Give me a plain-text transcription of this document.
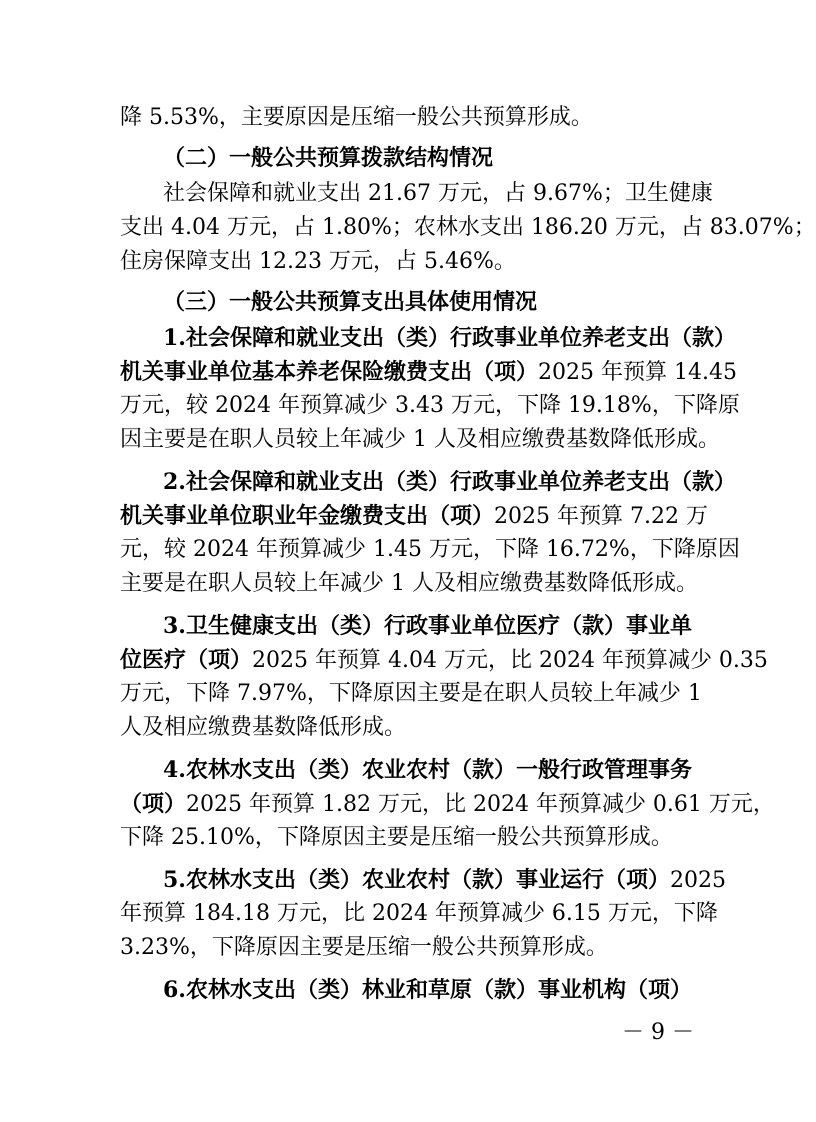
降 5.53%，主要原因是压缩一般公共预算形成。
（二）一般公共预算拨款结构情况
社会保障和就业支出 21.67 万元，占 9.67%；卫生健康
支出 4.04 万元，占 1.80%；农林水支出 186.20 万元，占 83.07%；
住房保障支出 12.23 万元，占 5.46%。
（三）一般公共预算支出具体使用情况
1.社会保障和就业支出（类）行政事业单位养老支出（款）
机关事业单位基本养老保险缴费支出（项）2025 年预算 14.45
万元，较 2024 年预算减少 3.43 万元，下降 19.18%，下降原
因主要是在职人员较上年减少 1 人及相应缴费基数降低形成。
2.社会保障和就业支出（类）行政事业单位养老支出（款）
机关事业单位职业年金缴费支出（项）2025 年预算 7.22 万
元，较 2024 年预算减少 1.45 万元，下降 16.72%，下降原因
主要是在职人员较上年减少 1 人及相应缴费基数降低形成。
3.卫生健康支出（类）行政事业单位医疗（款）事业单
位医疗（项）2025 年预算 4.04 万元，比 2024 年预算减少 0.35
万元，下降 7.97%，下降原因主要是在职人员较上年减少 1
人及相应缴费基数降低形成。
4.农林水支出（类）农业农村（款）一般行政管理事务
（项）2025 年预算 1.82 万元，比 2024 年预算减少 0.61 万元，
下降 25.10%，下降原因主要是压缩一般公共预算形成。
5.农林水支出（类）农业农村（款）事业运行（项）2025
年预算 184.18 万元，比 2024 年预算减少 6.15 万元，下降
3.23%，下降原因主要是压缩一般公共预算形成。
6.农林水支出（类）林业和草原（款）事业机构（项）
－ 9 －
